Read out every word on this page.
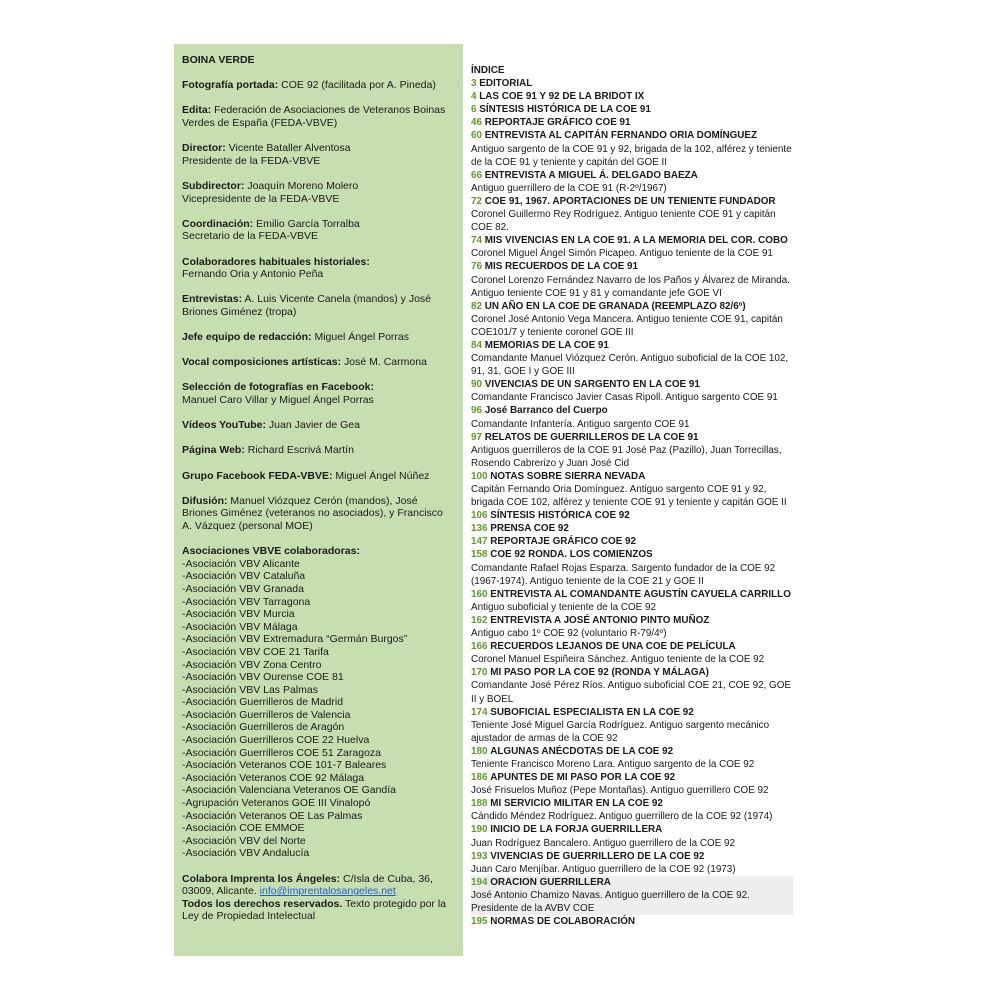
BOINA VERDE

Fotografía portada: COE 92 (facilitada por A. Pineda)

Edita: Federación de Asociaciones de Veteranos Boinas Verdes de España (FEDA-VBVE)

Director: Vicente Bataller Alventosa
Presidente de la FEDA-VBVE

Subdirector: Joaquín Moreno Molero
Vicepresidente de la FEDA-VBVE

Coordinación: Emilio García Torralba
Secretario de la FEDA-VBVE

Colaboradores habituales historiales:
Fernando Oria y Antonio Peña

Entrevistas: A. Luis Vicente Canela (mandos) y José Briones Giménez (tropa)

Jefe equipo de redacción: Miguel Ángel Porras

Vocal composiciones artísticas: José M. Carmona

Selección de fotografías en Facebook:
Manuel Caro Villar y Miguel Ángel Porras

Vídeos YouTube: Juan Javier de Gea

Página Web: Richard Escrivá Martín

Grupo Facebook FEDA-VBVE: Miguel Ángel Núñez

Difusión: Manuel Viózquez Cerón (mandos), José Briones Giménez (veteranos no asociados), y Francisco A. Vázquez (personal MOE)

Asociaciones VBVE colaboradoras:

-Asociación VBV Alicante
-Asociación VBV Cataluña
-Asociación VBV Granada
-Asociación VBV Tarragona
-Asociación VBV Murcia
-Asociación VBV Málaga
-Asociación VBV Extremadura “Germán Burgos”
-Asociación VBV COE 21 Tarifa
-Asociación VBV Zona Centro
-Asociación VBV Ourense COE 81
-Asociación VBV Las Palmas
-Asociación Guerrilleros de Madrid
-Asociación Guerrilleros de Valencia
-Asociación Guerrilleros de Aragón
-Asociación Guerrilleros COE 22 Huelva
-Asociación Guerrilleros COE 51 Zaragoza
-Asociación Veteranos COE 101-7 Baleares
-Asociación Veteranos COE 92 Málaga
-Asociación Valenciana Veteranos OE Gandía
-Agrupación Veteranos GOE III Vinalopó
-Asociación Veteranos OE Las Palmas
-Asociación COE EMMOE
-Asociación VBV del Norte
-Asociación VBV Andalucía

Colabora Imprenta los Ángeles: C/Isla de Cuba, 36, 03009, Alicante. info@imprentalosangeles.net
Todos los derechos reservados. Texto protegido por la Ley de Propiedad Intelectual

ÍNDICE
3 EDITORIAL
4 LAS COE 91 Y 92 DE LA BRIDOT IX
6 SÍNTESIS HISTÓRICA DE LA COE 91
46 REPORTAJE GRÁFICO COE 91
60 ENTREVISTA AL CAPITÁN FERNANDO ORIA DOMÍNGUEZ
Antiguo sargento de la COE 91 y 92, brigada de la 102, alférez y teniente de la COE 91 y teniente y capitán del GOE II
66 ENTREVISTA A MIGUEL Á. DELGADO BAEZA
Antiguo guerrillero de la COE 91 (R-2º/1967)
72 COE 91, 1967. APORTACIONES DE UN TENIENTE FUNDADOR
Coronel Guillermo Rey Rodríguez. Antiguo teniente COE 91 y capitán COE 82.
74 MIS VIVENCIAS EN LA COE 91. A LA MEMORIA DEL COR. COBO
Coronel Miguel Ángel Simón Picapeo. Antiguo teniente de la COE 91
76 MIS RECUERDOS DE LA COE 91
Coronel Lorenzo Fernández Navarro de los Paños y Álvarez de Miranda. Antiguo teniente COE 91 y 81 y comandante jefe GOE VI
82 UN AÑO EN LA COE DE GRANADA (REEMPLAZO 82/6º)
Coronel José Antonio Vega Mancera. Antiguo teniente COE 91, capitán COE101/7 y teniente coronel GOE III
84 MEMORIAS DE LA COE 91
Comandante Manuel Viózquez Cerón. Antiguo suboficial de la COE 102, 91, 31, GOE I y GOE III
90 VIVENCIAS DE UN SARGENTO EN LA COE 91
Comandante Francisco Javier Casas Ripoll. Antiguo sargento COE 91
96 José Barranco del Cuerpo
Comandante Infantería. Antiguo sargento COE 91
97 RELATOS DE GUERRILLEROS DE LA COE 91
Antiguos guerrilleros de la COE 91 José Paz (Pazillo), Juan Torrecillas, Rosendo Cabrerizo y Juan José Cid
100 NOTAS SOBRE SIERRA NEVADA
Capitán Fernando Oria Domínguez. Antiguo sargento COE 91 y 92, brigada COE 102, alférez y teniente COE 91 y teniente y capitán GOE II
106 SÍNTESIS HISTÓRICA COE 92
136 PRENSA COE 92
147 REPORTAJE GRÁFICO COE 92
158 COE 92 RONDA. LOS COMIENZOS
Comandante Rafael Rojas Esparza. Sargento fundador de la COE 92 (1967-1974). Antiguo teniente de la COE 21 y GOE II
160 ENTREVISTA AL COMANDANTE AGUSTÍN CAYUELA CARRILLO
Antiguo suboficial y teniente de la COE 92
162 ENTREVISTA A JOSÉ ANTONIO PINTO MUÑOZ
Antiguo cabo 1º COE 92 (voluntario R-79/4º)
166 RECUERDOS LEJANOS DE UNA COE DE PELÍCULA
Coronel Manuel Espiñeira Sánchez. Antiguo teniente de la COE 92
170 MI PASO POR LA COE 92 (RONDA Y MÁLAGA)
Comandante José Pérez Ríos. Antiguo suboficial COE 21, COE 92, GOE II y BOEL
174 SUBOFICIAL ESPECIALISTA EN LA COE 92
Teniente José Miguel García Rodríguez. Antiguo sargento mecánico ajustador de armas de la COE 92
180 ALGUNAS ANÉCDOTAS DE LA COE 92
Teniente Francisco Moreno Lara. Antiguo sargento de la COE 92
186 APUNTES DE MI PASO POR LA COE 92
José Frisuelos Muñoz (Pepe Montañas). Antiguo guerrillero COE 92
188 MI SERVICIO MILITAR EN LA COE 92
Cándido Méndez Rodríguez. Antiguo guerrillero de la COE 92 (1974)
190 INICIO DE LA FORJA GUERRILLERA
Juan Rodríguez Bancalero. Antiguo guerrillero de la COE 92
193 VIVENCIAS DE GUERRILLERO DE LA COE 92
Juan Caro Menjíbar. Antiguo guerrillero de la COE 92 (1973)
194 ORACION GUERRILLERA
José Antonio Chamizo Navas. Antiguo guerrillero de la COE 92. Presidente de la AVBV COE
195 NORMAS DE COLABORACIÓN
